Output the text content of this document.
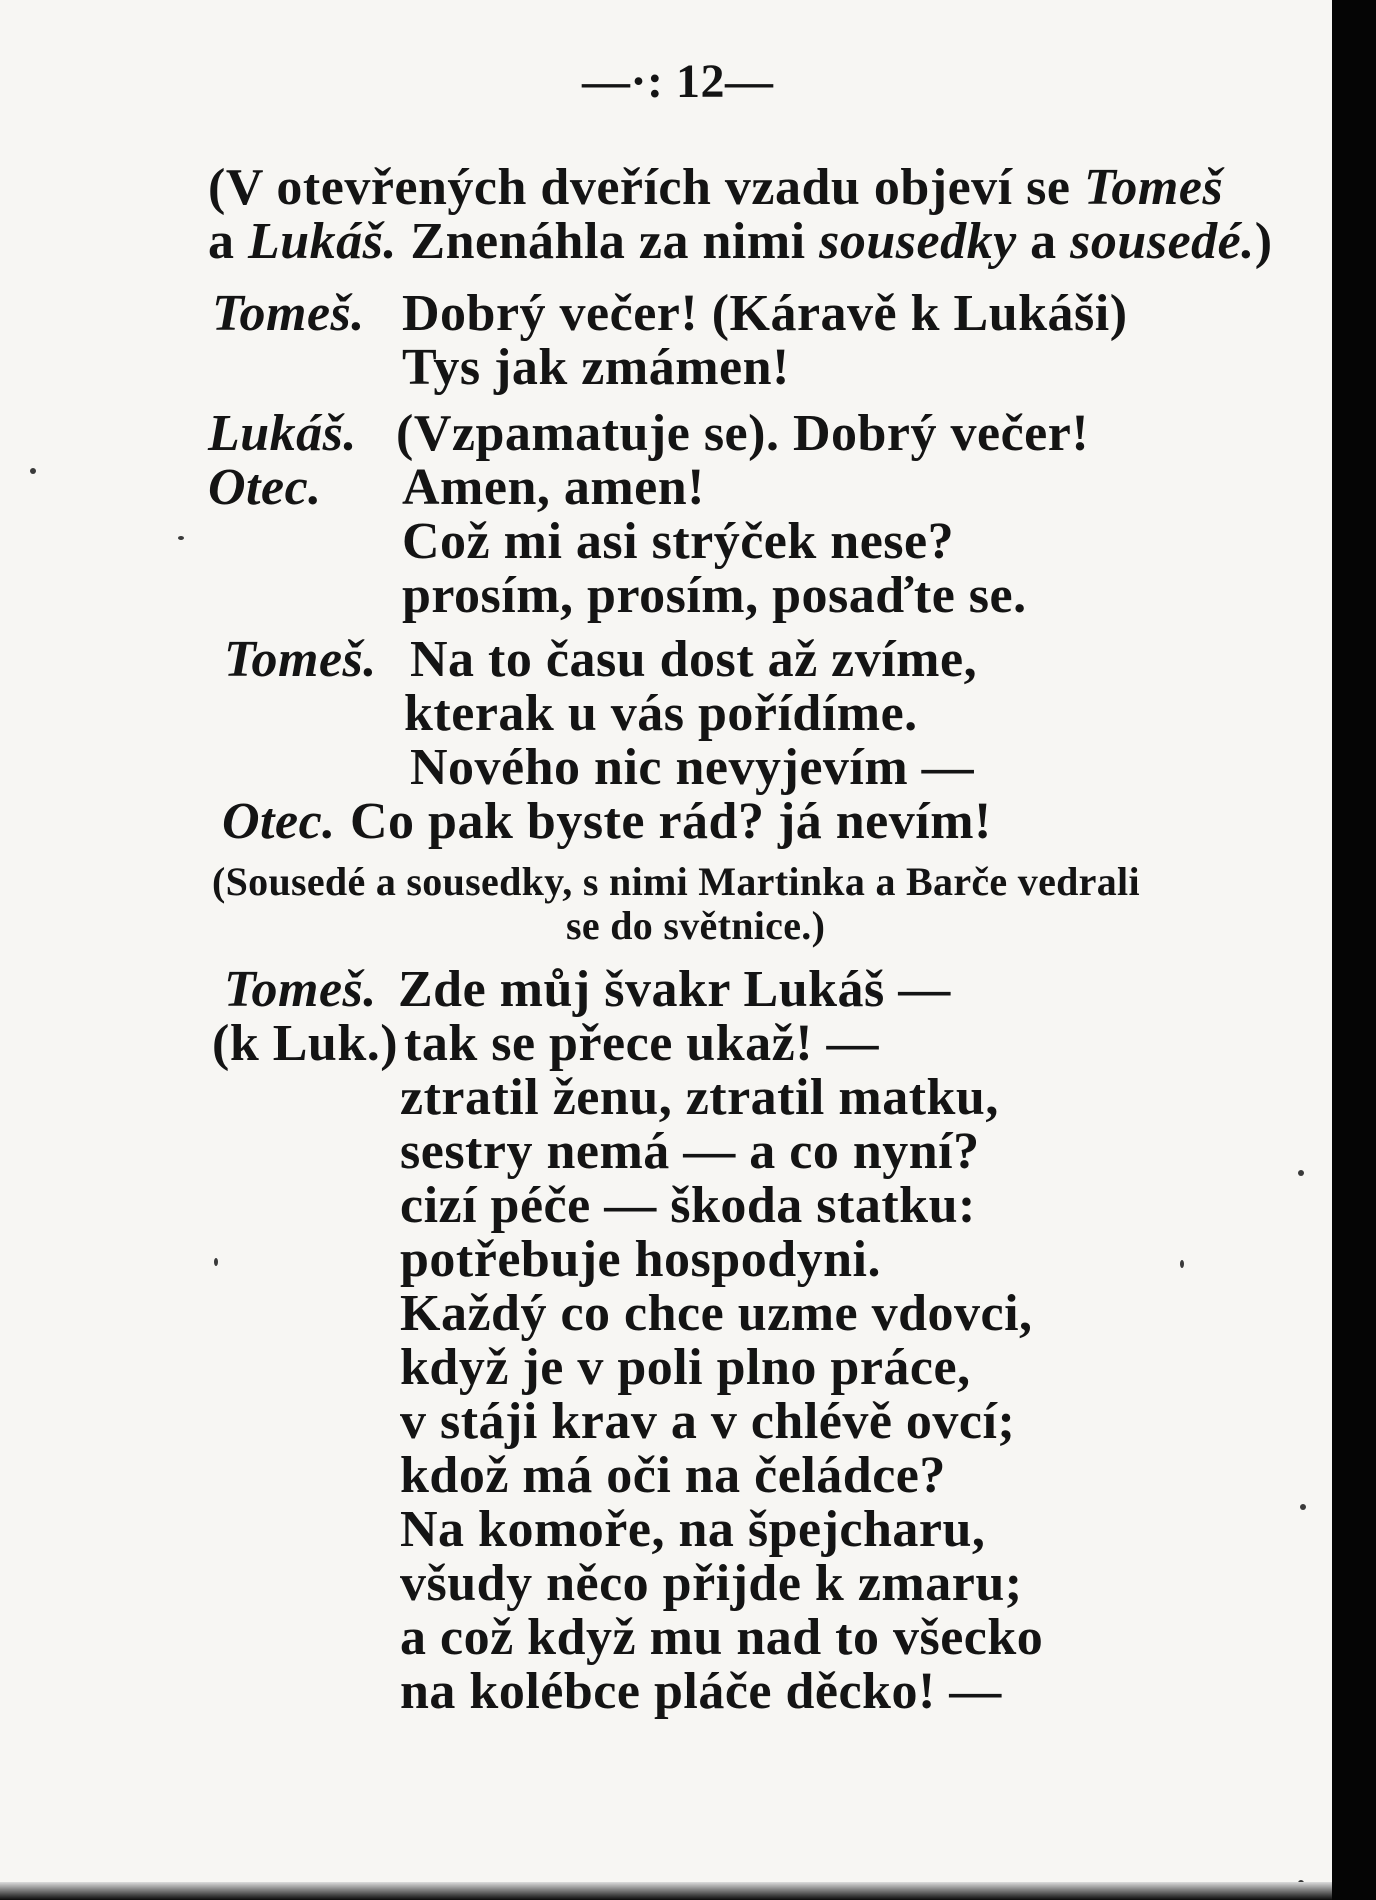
—·: 12—
(V otevřených dveřích vzadu objeví se Tomeš
a Lukáš. Znenáhla za nimi sousedky a sousedé.)
Tomeš. Dobrý večer! (Káravě k Lukáši)
Tys jak zmámen!
Lukáš. (Vzpamatuje se). Dobrý večer!
Otec. Amen, amen!
Což mi asi strýček nese?
prosím, prosím, posaďte se.
Tomeš. Na to času dost až zvíme,
kterak u vás pořídíme.
Nového nic nevyjevím —
Otec. Co pak byste rád? já nevím!
(Sousedé a sousedky, s nimi Martinka a Barče vedrali
se do světnice.)
Tomeš. Zde můj švakr Lukáš —
(k Luk.) tak se přece ukaž! —
ztratil ženu, ztratil matku,
sestry nemá — a co nyní?
cizí péče — škoda statku:
potřebuje hospodyni.
Každý co chce uzme vdovci,
když je v poli plno práce,
v stáji krav a v chlévě ovcí;
kdož má oči na čeládce?
Na komoře, na špejcharu,
všudy něco přijde k zmaru;
a což když mu nad to všecko
na kolébce pláče děcko! —
